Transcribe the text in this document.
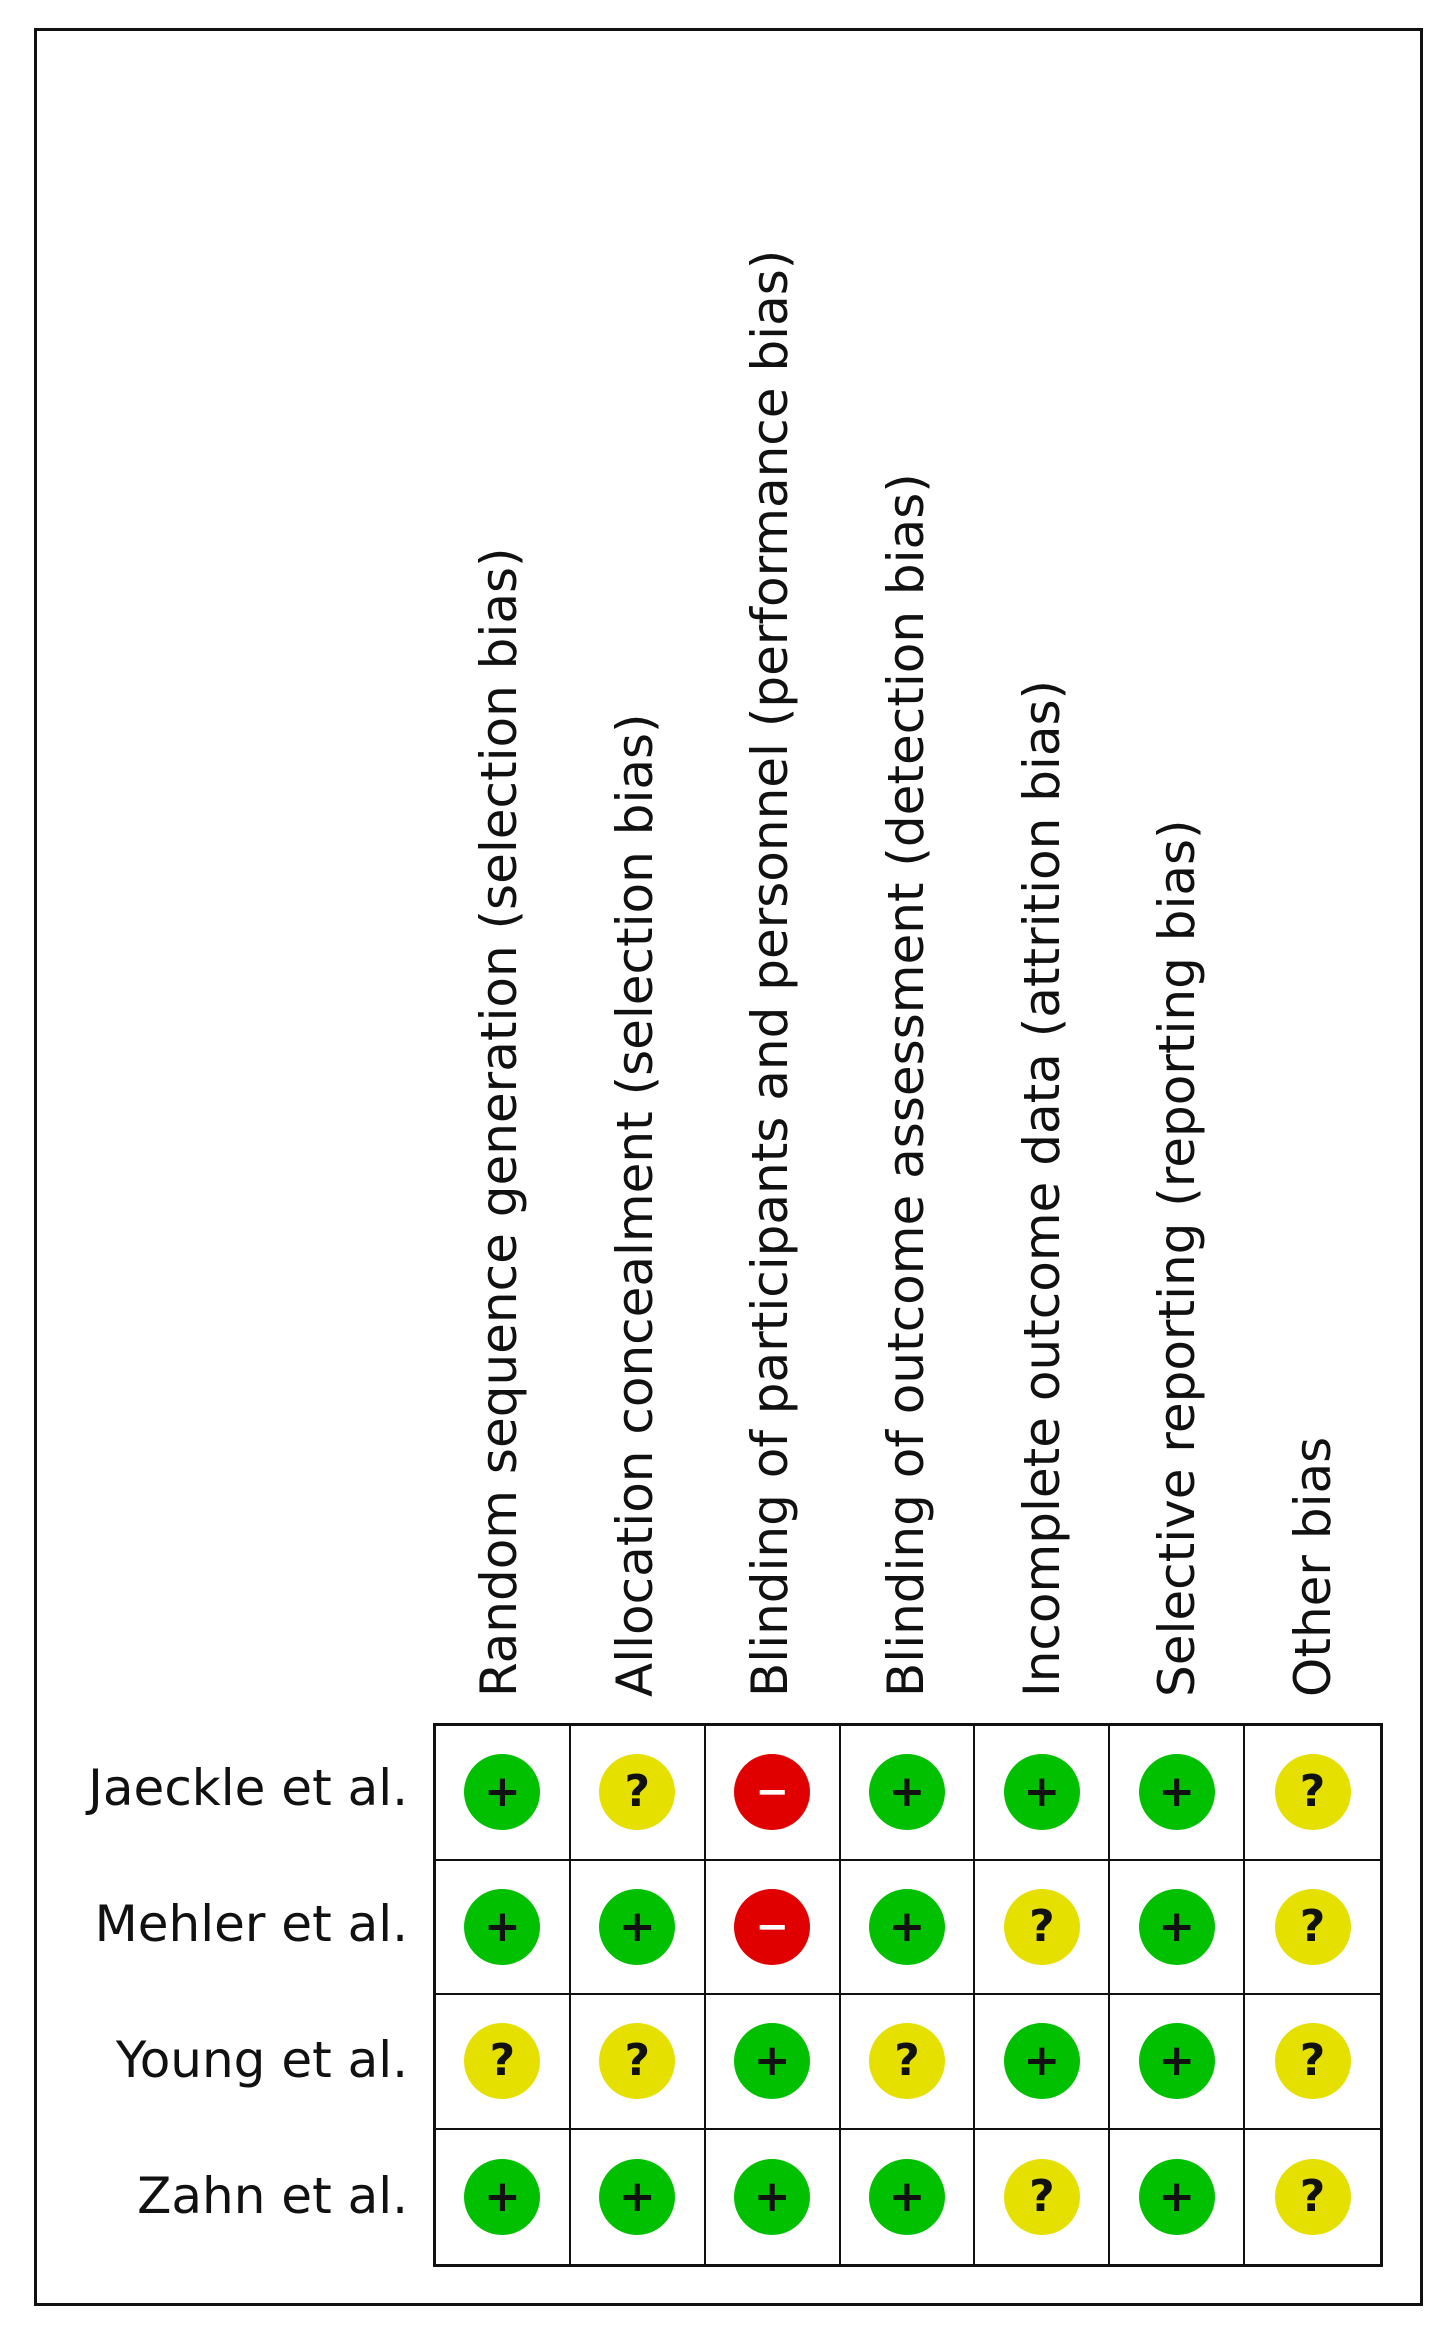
Random sequence generation (selection bias) Allocation concealment (selection bias) Blinding of participants and personnel (performance bias) Blinding of outcome assessment (detection bias) Incomplete outcome data (attrition bias) Selective reporting (reporting bias) Other bias
Jaeckle et al.
Mehler et al.
Young et al.
Zahn et al.
+ ?	− + + + ?
+ + − + ? + ?
? ? + ? + + ?
+ + + + ? + ?
